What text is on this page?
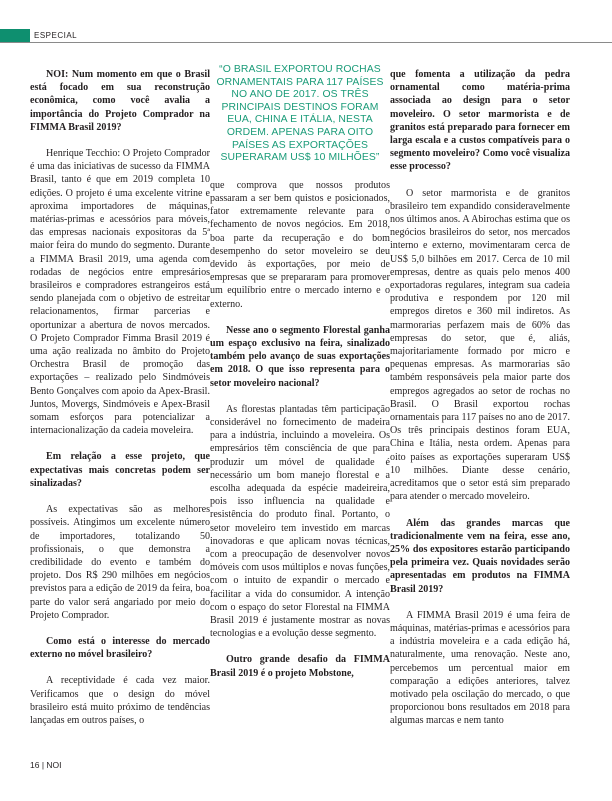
ESPECIAL

NOI: Num momento em que o Brasil está focado em sua reconstrução econômica, como você avalia a importância do Projeto Comprador na FIMMA Brasil 2019?

Henrique Tecchio: O Projeto Comprador é uma das iniciativas de sucesso da FIMMA Brasil, tanto é que em 2019 completa 10 edições. O projeto é uma excelente vitrine e aproxima importadores de máquinas, matérias-primas e acessórios para móveis, das empresas nacionais expositoras da 5ª maior feira do mundo do segmento. Durante a FIMMA Brasil 2019, uma agenda com rodadas de negócios entre empresários brasileiros e compradores estrangeiros está sendo planejada com o objetivo de estreitar relacionamentos, firmar parcerias e oportunizar a abertura de novos mercados. O Projeto Comprador Fimma Brasil 2019 é uma ação realizada no âmbito do Projeto Orchestra Brasil de promoção das exportações – realizado pelo Sindmóveis Bento Gonçalves com apoio da Apex-Brasil. Juntos, Movergs, Sindmóveis e Apex-Brasil somam esforços para potencializar a internacionalização da cadeia moveleira.

Em relação a esse projeto, que expectativas mais concretas podem ser sinalizadas?

As expectativas são as melhores possíveis. Atingimos um excelente número de importadores, totalizando 50 profissionais, o que demonstra a credibilidade do evento e também do projeto. Dos R$ 290 milhões em negócios previstos para a edição de 2019 da feira, boa parte do valor será angariado por meio do Projeto Comprador.

Como está o interesse do mercado externo no móvel brasileiro?

A receptividade é cada vez maior. Verificamos que o design do móvel brasileiro está muito próximo de tendências lançadas em outros países, o

“O BRASIL EXPORTOU ROCHAS ORNAMENTAIS PARA 117 PAÍSES NO ANO DE 2017. OS TRÊS PRINCIPAIS DESTINOS FORAM EUA, CHINA E ITÁLIA, NESTA ORDEM. APENAS PARA OITO PAÍSES AS EXPORTAÇÕES SUPERARAM US$ 10 MILHÕES”

que comprova que nossos produtos passaram a ser bem quistos e posicionados, fator extremamente relevante para o fechamento de novos negócios. Em 2018, boa parte da recuperação e do bom desempenho do setor moveleiro se deu devido às exportações, por meio de empresas que se prepararam para promover um equilíbrio entre o mercado interno e o externo.

Nesse ano o segmento Florestal ganha um espaço exclusivo na feira, sinalizado também pelo avanço de suas exportações em 2018. O que isso representa para o setor moveleiro nacional?

As florestas plantadas têm participação considerável no fornecimento de madeira para a indústria, incluindo a moveleira. Os empresários têm consciência de que para produzir um móvel de qualidade é necessário um bom manejo florestal e a escolha adequada da espécie madeireira, pois isso influencia na qualidade e resistência do produto final. Portanto, o setor moveleiro tem investido em marcas inovadoras e que aplicam novas técnicas, com a preocupação de desenvolver novos móveis com usos múltiplos e novas funções, com o intuito de expandir o mercado e facilitar a vida do consumidor. A intenção com o espaço do setor Florestal na FIMMA Brasil 2019 é justamente mostrar as novas tecnologias e a evolução desse segmento.

Outro grande desafio da FIMMA Brasil 2019 é o projeto Mobstone,

que fomenta a utilização da pedra ornamental como matéria-prima associada ao design para o setor moveleiro. O setor marmorista e de granitos está preparado para fornecer em larga escala e a custos compatíveis para o segmento moveleiro? Como você visualiza esse processo?

O setor marmorista e de granitos brasileiro tem expandido consideravelmente nos últimos anos. A Abirochas estima que os negócios brasileiros do setor, nos mercados interno e externo, movimentaram cerca de US$ 5,0 bilhões em 2017. Cerca de 10 mil empresas, dentre as quais pelo menos 400 exportadoras regulares, integram sua cadeia produtiva e respondem por 120 mil empregos diretos e 360 mil indiretos. As marmorarias perfazem mais de 60% das empresas do setor, que é, aliás, majoritariamente formado por micro e pequenas empresas. As marmorarias são também responsáveis pela maior parte dos empregos agregados ao setor de rochas no Brasil. O Brasil exportou rochas ornamentais para 117 países no ano de 2017. Os três principais destinos foram EUA, China e Itália, nesta ordem. Apenas para oito países as exportações superaram US$ 10 milhões. Diante desse cenário, acreditamos que o setor está sim preparado para atender o mercado moveleiro.

Além das grandes marcas que tradicionalmente vem na feira, esse ano, 25% dos expositores estarão participando pela primeira vez. Quais novidades serão apresentadas em produtos na FIMMA Brasil 2019?

A FIMMA Brasil 2019 é uma feira de máquinas, matérias-primas e acessórios para a indústria moveleira e a cada edição há, naturalmente, uma renovação. Neste ano, percebemos um percentual maior em comparação a edições anteriores, talvez motivado pela oscilação do mercado, o que proporcionou bons resultados em 2018 para algumas marcas e nem tanto

16 | NOI
